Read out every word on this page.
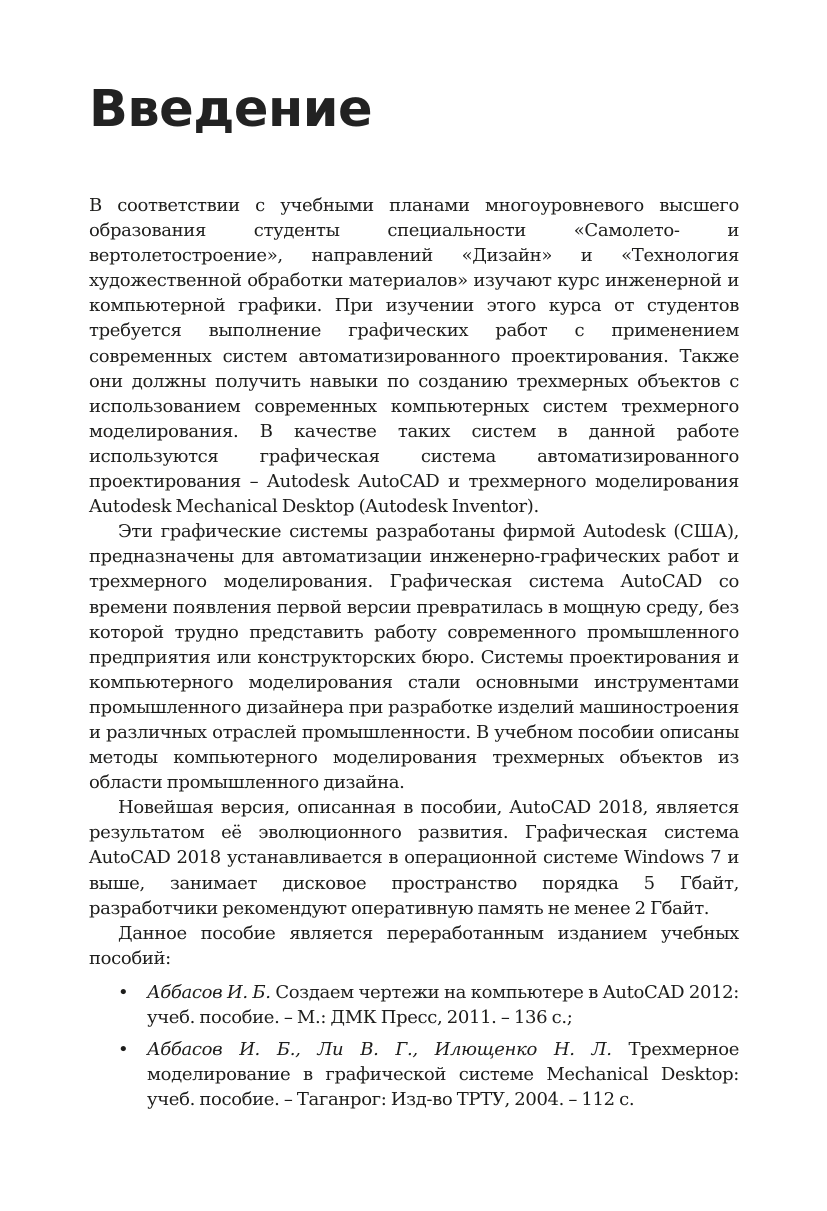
Введение

В соответствии с учебными планами многоуровневого высшего образования студенты специальности «Самолето- и вертолетостроение», направлений «Дизайн» и «Технология художественной обработки материалов» изучают курс инженерной и компьютерной графики. При изучении этого курса от студентов требуется выполнение графических работ с применением современных систем автоматизированного проектирования. Также они должны получить навыки по созданию трехмерных объектов с использованием современных компьютерных систем трехмерного моделирования. В качестве таких систем в данной работе используются графическая система автоматизированного проектирования – Autodesk AutoCAD и трехмерного моделирования Autodesk Mechanical Desktop (Autodesk Inventor).

Эти графические системы разработаны фирмой Autodesk (США), предназначены для автоматизации инженерно-графических работ и трехмерного моделирования. Графическая система AutoCAD со времени появления первой версии превратилась в мощную среду, без которой трудно представить работу современного промышленного предприятия или конструкторских бюро. Системы проектирования и компьютерного моделирования стали основными инструментами промышленного дизайнера при разработке изделий машиностроения и различных отраслей промышленности. В учебном пособии описаны методы компьютерного моделирования трехмерных объектов из области промышленного дизайна.

Новейшая версия, описанная в пособии, AutoCAD 2018, является результатом её эволюционного развития. Графическая система AutoCAD 2018 устанавливается в операционной системе Windows 7 и выше, занимает дисковое пространство порядка 5 Гбайт, разработчики рекомендуют оперативную память не менее 2 Гбайт.

Данное пособие является переработанным изданием учебных пособий:

• Аббасов И. Б. Создаем чертежи на компьютере в AutoCAD 2012: учеб. пособие. – М.: ДМК Пресс, 2011. – 136 с.;
• Аббасов И. Б., Ли В. Г., Илющенко Н. Л. Трехмерное моделирование в графической системе Mechanical Desktop: учеб. пособие. – Таганрог: Изд-во ТРТУ, 2004. – 112 с.
